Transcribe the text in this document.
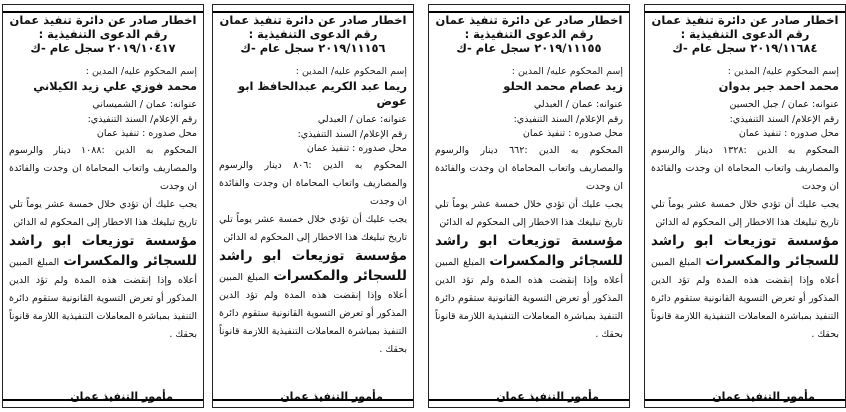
اخطار صادر عن دائرة تنفيذ عمان
رقم الدعوى التنفيذية :
٢٠١٩/١١٦٨٤ سجل عام -ك
إسم المحكوم عليه/ المدين :
محمد احمد جبر بدوان
عنوانه: عمان / جبل الحسين
رقم الإعلام/ السند التنفيذي:
محل صدوره : تنفيذ عمان
المحكوم به الدين :١٣٢٨ دينار والرسوم والمصاريف واتعاب المحاماة ان وجدت والفائدة ان وجدت
يجب عليك أن تؤدي خلال خمسة عشر يوماً تلي تاريخ تبليغك هذا الاخطار إلى المحكوم له الدائن
مؤسسة توزيعات ابو راشد للسجائر والمكسرات المبلغ المبين أعلاه وإذا إنقضت هذه المدة ولم تؤد الدين المذكور أو تعرض التسوية القانونية ستقوم دائرة التنفيذ بمباشرة المعاملات التنفيذية اللازمة قانوناً بحقك .
مأمور التنفيذ عمان
اخطار صادر عن دائرة تنفيذ عمان
رقم الدعوى التنفيذية :
٢٠١٩/١١١٥٥ سجل عام -ك
إسم المحكوم عليه/ المدين :
زيد عصام محمد الحلو
عنوانه: عمان / العبدلي
رقم الإعلام/ السند التنفيذي:
محل صدوره : تنفيذ عمان
المحكوم به الدين :٦٦٢ دينار والرسوم والمصاريف واتعاب المحاماة ان وجدت والفائدة ان وجدت
يجب عليك أن تؤدي خلال خمسة عشر يوماً تلي تاريخ تبليغك هذا الاخطار إلى المحكوم له الدائن
مؤسسة توزيعات ابو راشد للسجائر والمكسرات المبلغ المبين أعلاه وإذا إنقضت هذه المدة ولم تؤد الدين المذكور أو تعرض التسوية القانونية ستقوم دائرة التنفيذ بمباشرة المعاملات التنفيذية اللازمة قانوناً بحقك .
مأمور التنفيذ عمان
اخطار صادر عن دائرة تنفيذ عمان
رقم الدعوى التنفيذية :
٢٠١٩/١١١٥٦ سجل عام -ك
إسم المحكوم عليه/ المدين :
ريما عبد الكريم عبدالحافظ ابو عوض
عنوانه: عمان / العبدلي
رقم الإعلام/ السند التنفيذي:
محل صدوره : تنفيذ عمان
المحكوم به الدين :٨٠٦ دينار والرسوم والمصاريف واتعاب المحاماة ان وجدت والفائدة ان وجدت
يجب عليك أن تؤدي خلال خمسة عشر يوماً تلي تاريخ تبليغك هذا الاخطار إلى المحكوم له الدائن
مؤسسة توزيعات ابو راشد للسجائر والمكسرات المبلغ المبين أعلاه وإذا إنقضت هذه المدة ولم تؤد الدين المذكور أو تعرض التسوية القانونية ستقوم دائرة التنفيذ بمباشرة المعاملات التنفيذية اللازمة قانوناً بحقك .
مأمور التنفيذ عمان
اخطار صادر عن دائرة تنفيذ عمان
رقم الدعوى التنفيذية :
٢٠١٩/١٠٤١٧ سجل عام -ك
إسم المحكوم عليه/ المدين :
محمد فوزي علي زيد الكيلاني
عنوانه: عمان / الشميساني
رقم الإعلام/ السند التنفيذي:
محل صدوره : تنفيذ عمان
المحكوم به الدين :١٠٨٨ دينار والرسوم والمصاريف واتعاب المحاماة ان وجدت والفائدة ان وجدت
يجب عليك أن تؤدي خلال خمسة عشر يوماً تلي تاريخ تبليغك هذا الاخطار إلى المحكوم له الدائن
مؤسسة توزيعات ابو راشد للسجائر والمكسرات المبلغ المبين أعلاه وإذا إنقضت هذه المدة ولم تؤد الدين المذكور أو تعرض التسوية القانونية ستقوم دائرة التنفيذ بمباشرة المعاملات التنفيذية اللازمة قانوناً بحقك .
مأمور التنفيذ عمان
